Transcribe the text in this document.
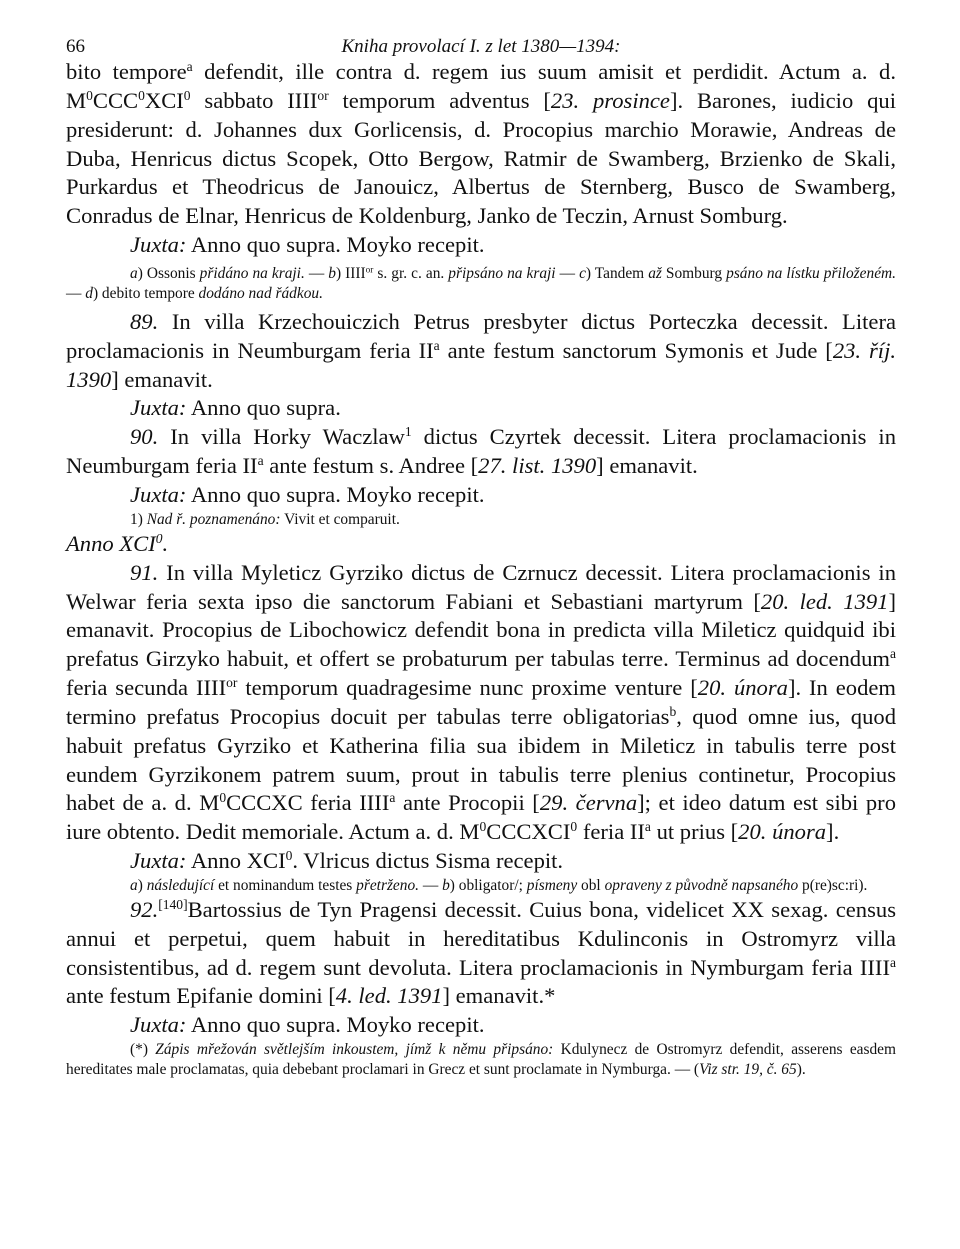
66	Kniha provolací I. z let 1380—1394:

bito tempore$^a$ defendit, ille contra d. regem ius suum amisit et perdidit. Actum a. d. $M^0CCC^0XCI^0$ sabbato $IIII^{or}$ temporum adventus [23. prosince]. Barones, iudicio qui presiderunt: d. Johannes dux Gorlicensis, d. Procopius marchio Morawie, Andreas de Duba, Henricus dictus Scopek, Otto Bergow, Ratmir de Swamberg, Brzienko de Skali, Purkardus et Theodricus de Janouicz, Albertus de Sternberg, Busco de Swamberg, Conradus de Elnar, Henricus de Koldenburg, Janko de Teczin, Arnust Somburg.

Juxta: Anno quo supra. Moyko recepit.

a) Ossonis přidáno na kraji. — b) $IIII^{or}$ s. gr. c. an. připsáno na kraji — c) Tandem až Somburg psáno na lístku přiloženém. — d) debito tempore dodáno nad řádkou.

89. In villa Krzechouiczich Petrus presbyter dictus Porteczka decessit. Litera proclamacionis in Neumburgam feria $II^a$ ante festum sanctorum Symonis et Jude [23. říj. 1390] emanavit.

Juxta: Anno quo supra.

90. In villa Horky Waczlaw$^1$ dictus Czyrtek decessit. Litera proclamacionis in Neumburgam feria $II^a$ ante festum s. Andree [27. list. 1390] emanavit.

Juxta: Anno quo supra. Moyko recepit.

1) Nad ř. poznamenáno: Vivit et comparuit.

Anno XCI$^0$.

91. In villa Myleticz Gyrziko dictus de Czrnucz decessit. Litera proclamacionis in Welwar feria sexta ipso die sanctorum Fabiani et Sebastiani martyrum [20. led. 1391] emanavit. Procopius de Libochowicz defendit bona in predicta villa Mileticz quidquid ibi prefatus Girzyko habuit, et offert se probaturum per tabulas terre. Terminus ad docendum$^a$ feria secunda $IIII^{or}$ temporum quadragesime nunc proxime venture [20. února]. In eodem termino prefatus Procopius docuit per tabulas terre obligatorias$^b$, quod omne ius, quod habuit prefatus Gyrziko et Katherina filia sua ibidem in Mileticz in tabulis terre post eundem Gyrzikonem patrem suum, prout in tabulis terre plenius continetur, Procopius habet de a. d. $M^0CCCXC$ feria IIII$^a$ ante Procopii [29. června]; et ideo datum est sibi pro iure obtento. Dedit memoriale. Actum a. d. $M^0CCCXCI^0$ feria $II^a$ ut prius [20. února].

Juxta: Anno XCI$^0$. Vlricus dictus Sisma recepit.

a) následující et nominandum testes přetrženo. — b) obligator/; písmeny obl opraveny z původně napsaného p(re)sc:ri).

92.[140]Bartossius de Tyn Pragensi decessit. Cuius bona, videlicet XX sexag. census annui et perpetui, quem habuit in hereditatibus Kdulinconis in Ostromyrz villa consistentibus, ad d. regem sunt devoluta. Litera proclamacionis in Nymburgam feria IIII$^a$ ante festum Epifanie domini [4. led. 1391] emanavit.*

Juxta: Anno quo supra. Moyko recepit.

(*) Zápis mřežován světlejším inkoustem, jímž k němu připsáno: Kdulynecz de Ostromyrz defendit, asserens easdem hereditates male proclamatas, quia debebant proclamari in Grecz et sunt proclamate in Nymburga. — (Viz str. 19, č. 65).
